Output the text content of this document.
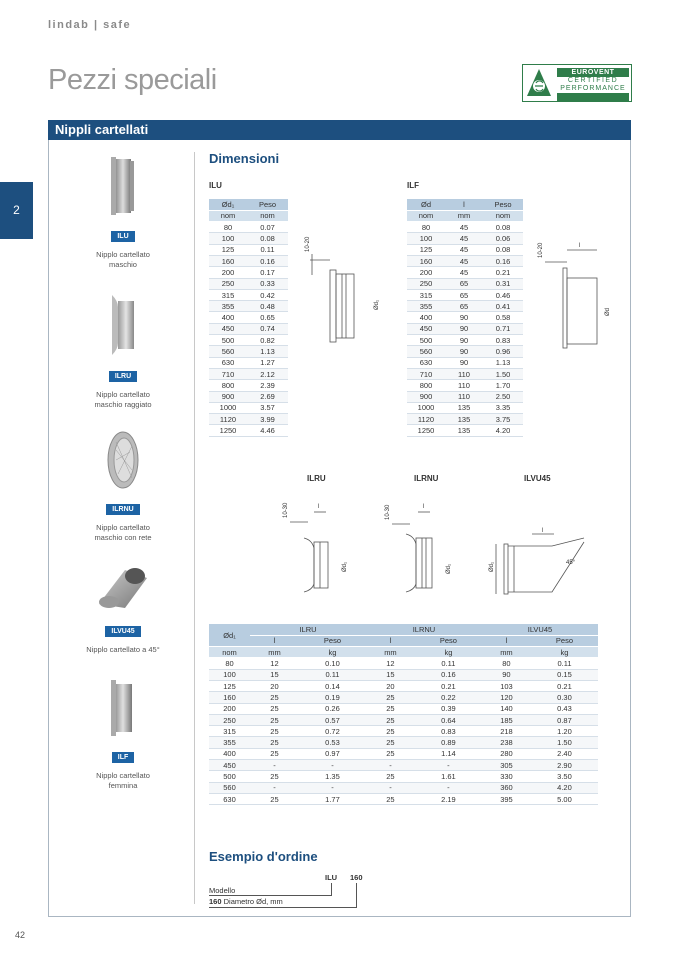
lindab | safe
Pezzi speciali	EUROVENT
CERTIFIED
PERFORMANCE
2
Nippli cartellati
ILU
Nipplo cartellato maschio
ILRU
Nipplo cartellato maschio raggiato
ILRNU
Nipplo cartellato maschio con rete
ILVU45
Nipplo cartellato a 45°
ILF
Nipplo cartellato femmina
Dimensioni
ILU
Ød₁	Peso
nom	nom
80	0.07
100	0.08
125	0.11
160	0.16
200	0.17
250	0.33
315	0.42
355	0.48
400	0.65
450	0.74
500	0.82
560	1.13
630	1.27
710	2.12
800	2.39
900	2.69
1000	3.57
1120	3.99
1250	4.46
10-20
Ød₁
ILF
Ød	l	Peso
nom	mm	nom
80	45	0.08
100	45	0.06
125	45	0.08
160	45	0.16
200	45	0.21
250	65	0.31
315	65	0.46
355	65	0.41
400	90	0.58
450	90	0.71
500	90	0.83
560	90	0.96
630	90	1.13
710	110	1.50
800	110	1.70
900	110	2.50
1000	135	3.35
1120	135	3.75
1250	135	4.20
10-20	l
Ød
ILRU	ILRNU	ILVU45
10-30	l
Ød₁
10-30	l
Ød₁	Ød₁
l
45°
Ød₁	ILRU		ILRNU		ILVU45	
	l	Peso	l	Peso	l	Peso
nom	mm	kg	mm	kg	mm	kg
80	12	0.10	12	0.11	80	0.11
100	15	0.11	15	0.16	90	0.15
125	20	0.14	20	0.21	103	0.21
160	25	0.19	25	0.22	120	0.30
200	25	0.26	25	0.39	140	0.43
250	25	0.57	25	0.64	185	0.87
315	25	0.72	25	0.83	218	1.20
355	25	0.53	25	0.89	238	1.50
400	25	0.97	25	1.14	280	2.40
450	-	-	-	-	305	2.90
500	25	1.35	25	1.61	330	3.50
560	-	-	-	-	360	4.20
630	25	1.77	25	2.19	395	5.00
Esempio d'ordine
ILU 160
Modello
160 Diametro Ød, mm
42
